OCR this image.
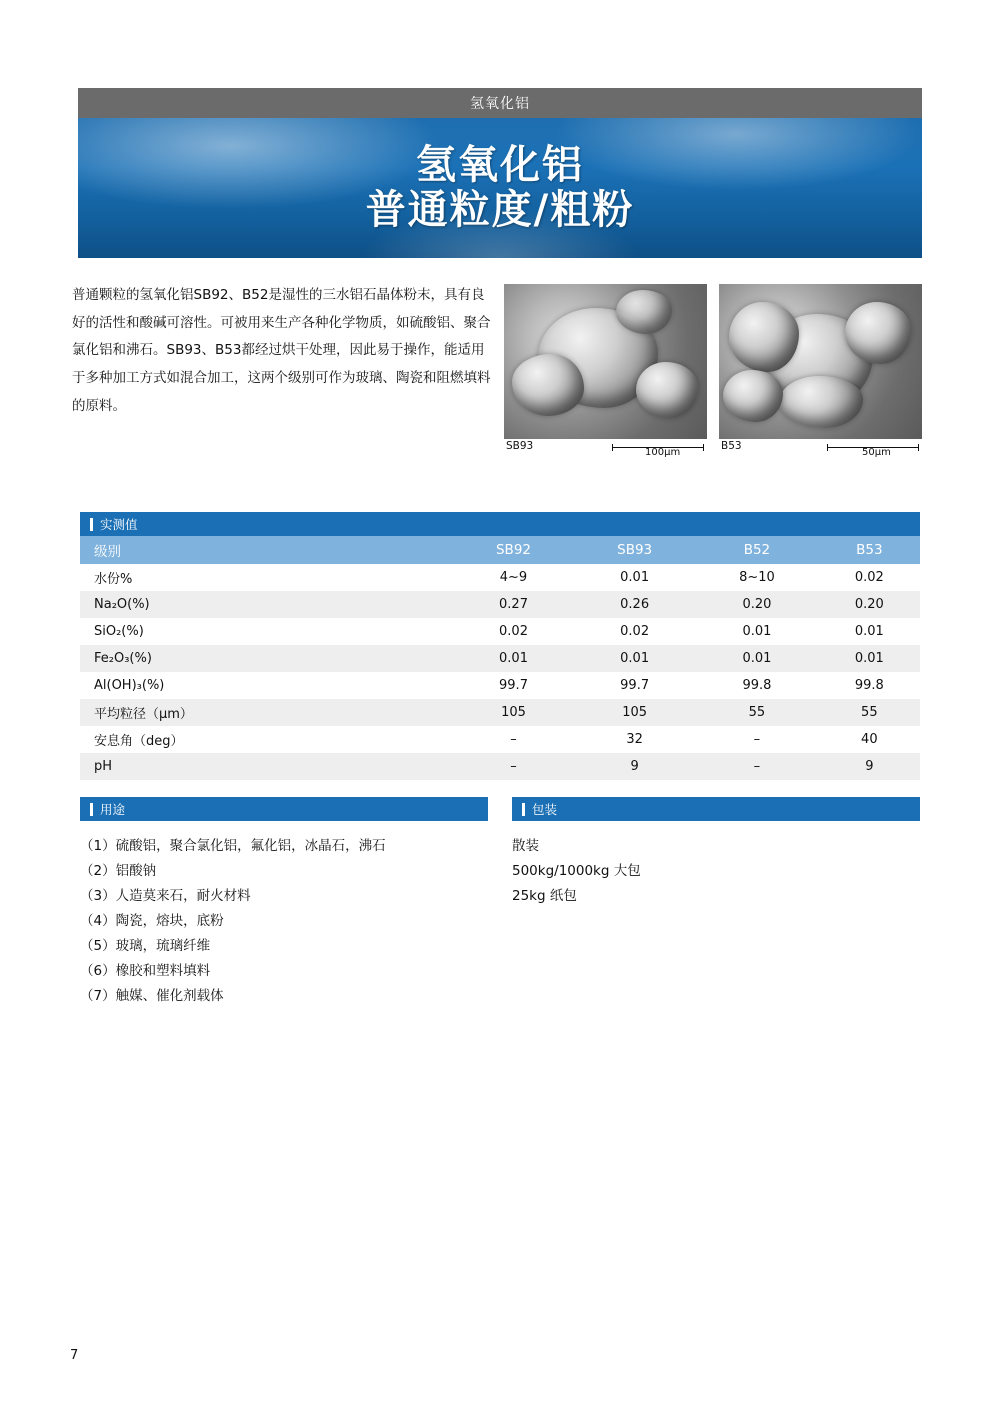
氢氧化铝
氢氧化铝
普通粒度/粗粉
普通颗粒的氢氧化铝SB92、B52是湿性的三水铝石晶体粉末，具有良好的活性和酸碱可溶性。可被用来生产各种化学物质，如硫酸铝、聚合氯化铝和沸石。SB93、B53都经过烘干处理，因此易于操作，能适用于多种加工方式如混合加工，这两个级别可作为玻璃、陶瓷和阻燃填料的原料。
SB93
100μm
B53
50μm
实测值
级别	SB92	SB93	B52	B53
水份%	4~9	0.01	8~10	0.02
Na₂O(%)	0.27	0.26	0.20	0.20
SiO₂(%)	0.02	0.02	0.01	0.01
Fe₂O₃(%)	0.01	0.01	0.01	0.01
Al(OH)₃(%)	99.7	99.7	99.8	99.8
平均粒径（μm）	105	105	55	55
安息角（deg）	–	32	–	40
pH	–	9	–	9
用途
（1）硫酸铝，聚合氯化铝，氟化铝，冰晶石，沸石
（2）铝酸钠
（3）人造莫来石，耐火材料
（4）陶瓷，熔块，底粉
（5）玻璃，琉璃纤维
（6）橡胶和塑料填料
（7）触媒、催化剂载体
包装
散装
500kg/1000kg 大包
25kg 纸包
7
